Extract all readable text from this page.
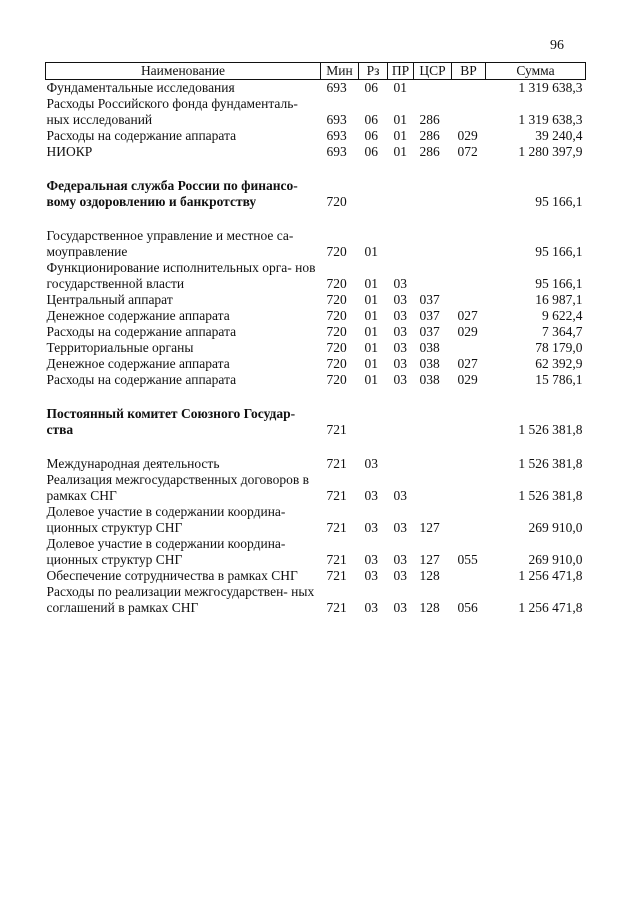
96
Наименование	Мин	Рз	ПР	ЦСР	ВР	Сумма
Фундаментальные исследования	693	06	01			1 319 638,3
Расходы Российского фонда фундаменталь- ных исследований	693	06	01	286		1 319 638,3
Расходы на содержание аппарата	693	06	01	286	029	39 240,4
НИОКР	693	06	01	286	072	1 280 397,9

Федеральная служба России по финансо- вому оздоровлению и банкротству	720					95 166,1

Государственное управление и местное са- моуправление	720	01				95 166,1
Функционирование исполнительных орга- нов государственной власти	720	01	03			95 166,1
Центральный аппарат	720	01	03	037		16 987,1
Денежное содержание аппарата	720	01	03	037	027	9 622,4
Расходы на содержание аппарата	720	01	03	037	029	7 364,7
Территориальные органы	720	01	03	038		78 179,0
Денежное содержание аппарата	720	01	03	038	027	62 392,9
Расходы на содержание аппарата	720	01	03	038	029	15 786,1

Постоянный комитет Союзного Государ- ства	721					1 526 381,8

Международная деятельность	721	03				1 526 381,8
Реализация межгосударственных договоров в рамках СНГ	721	03	03			1 526 381,8
Долевое участие в содержании координа- ционных структур СНГ	721	03	03	127		269 910,0
Долевое участие в содержании координа- ционных структур СНГ	721	03	03	127	055	269 910,0
Обеспечение сотрудничества в рамках СНГ	721	03	03	128		1 256 471,8
Расходы по реализации межгосударствен- ных соглашений в рамках СНГ	721	03	03	128	056	1 256 471,8
